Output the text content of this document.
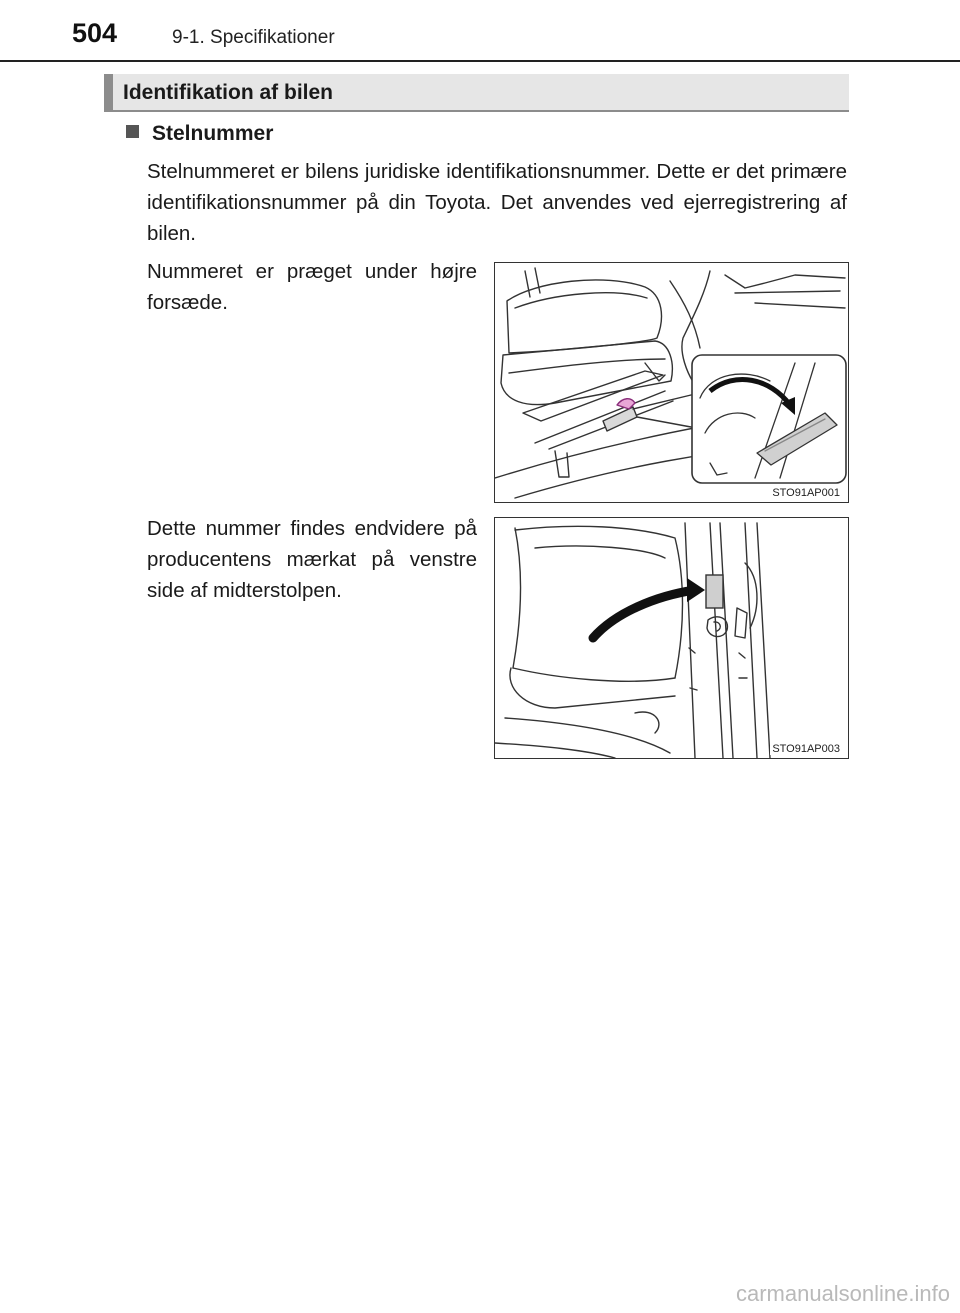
504	9-1. Specifikationer
Identifikation af bilen
Stelnummer
Stelnummeret er bilens juridiske identifikationsnummer. Dette er det primære identifikationsnummer på din Toyota. Det anvendes ved ejerregistrering af bilen.
Nummeret er præget under højre forsæde.
STO91AP001
Dette nummer findes endvidere på producentens mærkat på venstre side af midterstolpen.
STO91AP003
carmanualsonline.info
